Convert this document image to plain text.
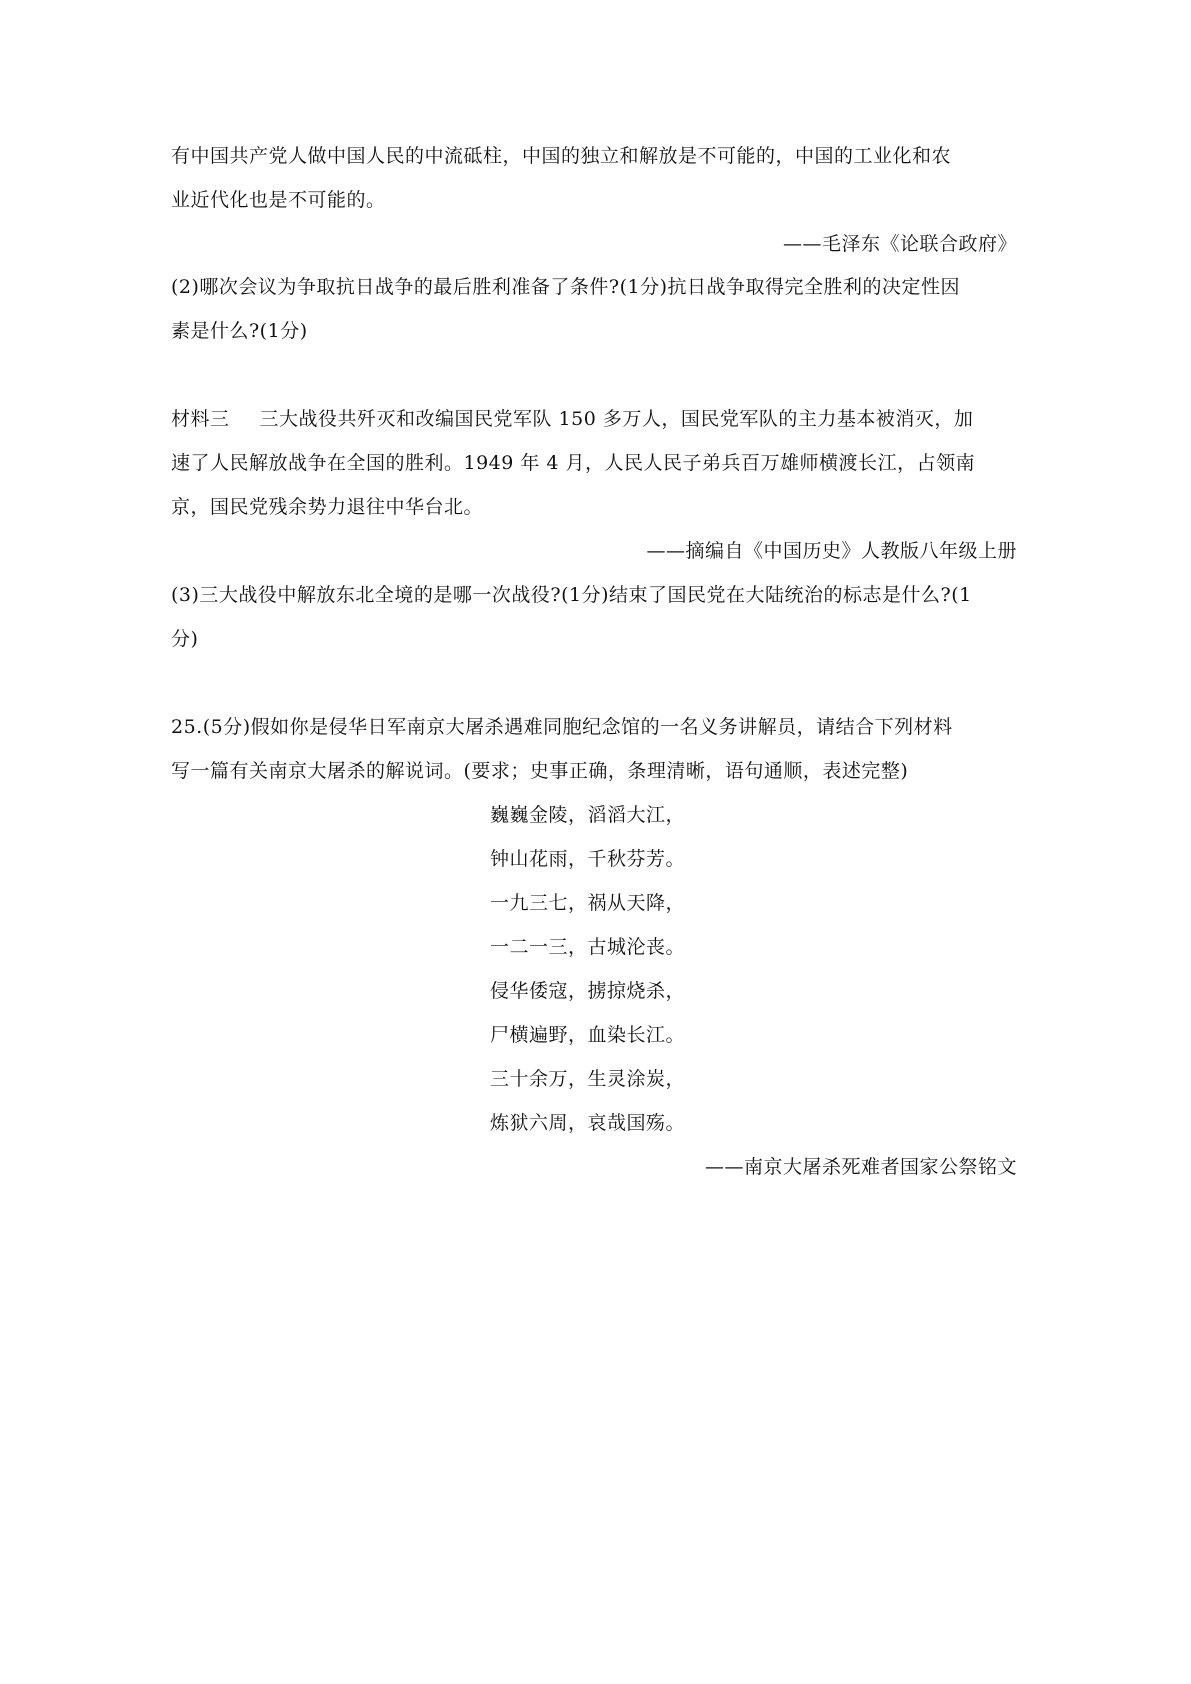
有中国共产党人做中国人民的中流砥柱，中国的独立和解放是不可能的，中国的工业化和农
业近代化也是不可能的。
——毛泽东《论联合政府》
(2)哪次会议为争取抗日战争的最后胜利准备了条件?(1分)抗日战争取得完全胜利的决定性因
素是什么?(1分)
材料三 三大战役共歼灭和改编国民党军队 150 多万人，国民党军队的主力基本被消灭，加
速了人民解放战争在全国的胜利。1949 年 4 月，人民人民子弟兵百万雄师横渡长江，占领南
京，国民党残余势力退往中华台北。
——摘编自《中国历史》人教版八年级上册
(3)三大战役中解放东北全境的是哪一次战役?(1分)结束了国民党在大陆统治的标志是什么?(1
分)
25.(5分)假如你是侵华日军南京大屠杀遇难同胞纪念馆的一名义务讲解员，请结合下列材料
写一篇有关南京大屠杀的解说词。(要求；史事正确，条理清晰，语句通顺，表述完整)
巍巍金陵，滔滔大江，
钟山花雨，千秋芬芳。
一九三七，祸从天降，
一二一三，古城沦丧。
侵华倭寇，掳掠烧杀，
尸横遍野，血染长江。
三十余万，生灵涂炭，
炼狱六周，哀哉国殇。
——南京大屠杀死难者国家公祭铭文
